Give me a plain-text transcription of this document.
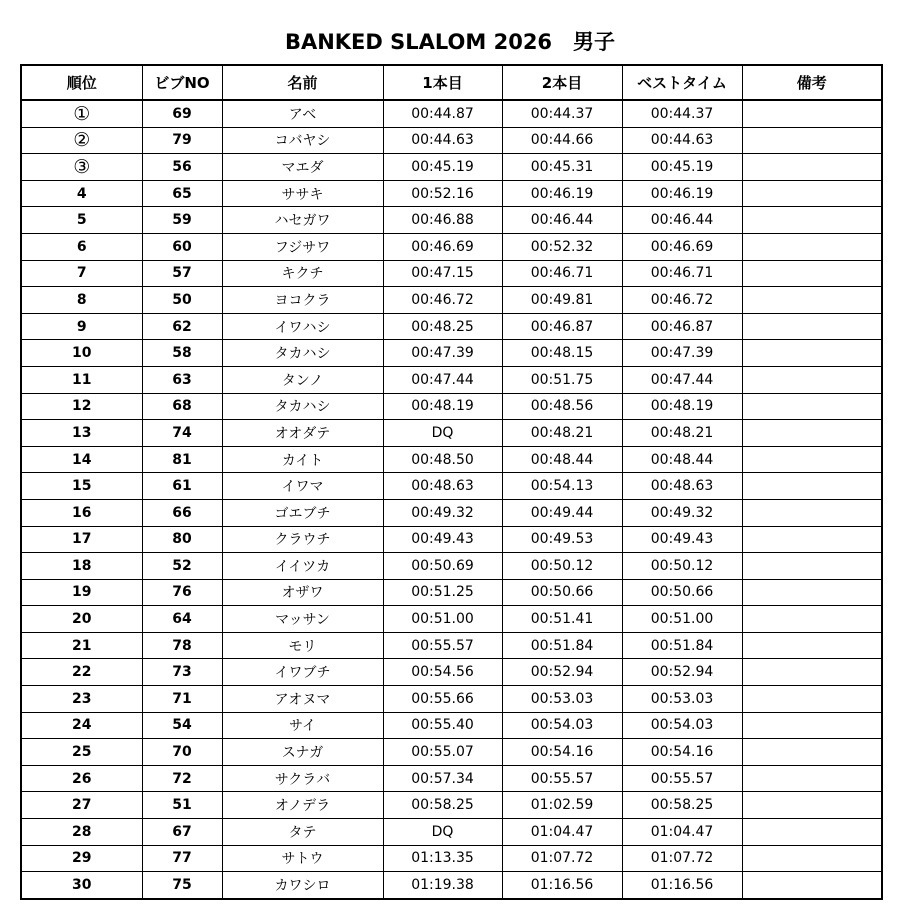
BANKED SLALOM 2026　男子
順位	ビブNO	名前	1本目	2本目	ベストタイム	備考
①	69	アベ	00:44.87	00:44.37	00:44.37	
②	79	コバヤシ	00:44.63	00:44.66	00:44.63	
③	56	マエダ	00:45.19	00:45.31	00:45.19	
4	65	ササキ	00:52.16	00:46.19	00:46.19	
5	59	ハセガワ	00:46.88	00:46.44	00:46.44	
6	60	フジサワ	00:46.69	00:52.32	00:46.69	
7	57	キクチ	00:47.15	00:46.71	00:46.71	
8	50	ヨコクラ	00:46.72	00:49.81	00:46.72	
9	62	イワハシ	00:48.25	00:46.87	00:46.87	
10	58	タカハシ	00:47.39	00:48.15	00:47.39	
11	63	タンノ	00:47.44	00:51.75	00:47.44	
12	68	タカハシ	00:48.19	00:48.56	00:48.19	
13	74	オオダテ	DQ	00:48.21	00:48.21	
14	81	カイト	00:48.50	00:48.44	00:48.44	
15	61	イワマ	00:48.63	00:54.13	00:48.63	
16	66	ゴエブチ	00:49.32	00:49.44	00:49.32	
17	80	クラウチ	00:49.43	00:49.53	00:49.43	
18	52	イイツカ	00:50.69	00:50.12	00:50.12	
19	76	オザワ	00:51.25	00:50.66	00:50.66	
20	64	マッサン	00:51.00	00:51.41	00:51.00	
21	78	モリ	00:55.57	00:51.84	00:51.84	
22	73	イワブチ	00:54.56	00:52.94	00:52.94	
23	71	アオヌマ	00:55.66	00:53.03	00:53.03	
24	54	サイ	00:55.40	00:54.03	00:54.03	
25	70	スナガ	00:55.07	00:54.16	00:54.16	
26	72	サクラバ	00:57.34	00:55.57	00:55.57	
27	51	オノデラ	00:58.25	01:02.59	00:58.25	
28	67	タテ	DQ	01:04.47	01:04.47	
29	77	サトウ	01:13.35	01:07.72	01:07.72	
30	75	カワシロ	01:19.38	01:16.56	01:16.56	
